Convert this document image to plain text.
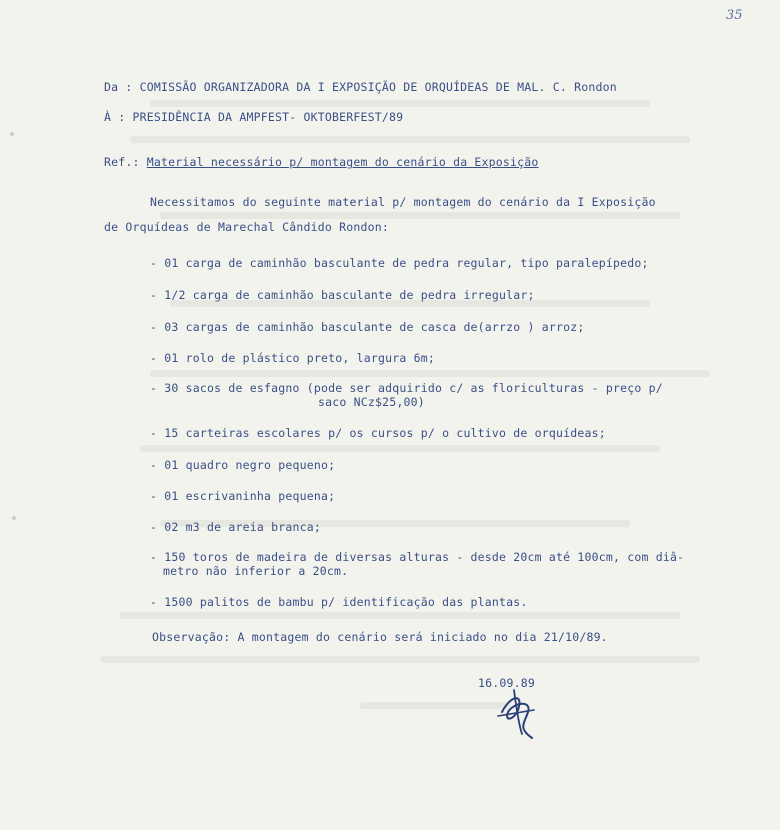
35
Da : COMISSÃO ORGANIZADORA DA I EXPOSIÇÃO DE ORQUÍDEAS DE MAL. C. Rondon
À : PRESIDÊNCIA DA AMPFEST- OKTOBERFEST/89
Ref.: Material necessário p/ montagem do cenário da Exposição
Necessitamos do seguinte material p/ montagem do cenário da I Exposição
de Orquídeas de Marechal Cândido Rondon:
- 01 carga de caminhão basculante de pedra regular, tipo paralepípedo;
- 1/2 carga de caminhão basculante de pedra irregular;
- 03 cargas de caminhão basculante de casca de(arrzo ) arroz;
- 01 rolo de plástico preto, largura 6m;
- 30 sacos de esfagno (pode ser adquirido c/ as floriculturas - preço p/
saco NCz$25,00)
- 15 carteiras escolares p/ os cursos p/ o cultivo de orquídeas;
- 01 quadro negro pequeno;
- 01 escrivaninha pequena;
- 02 m3 de areia branca;
- 150 toros de madeira de diversas alturas - desde 20cm até 100cm, com diâ-
metro não inferior a 20cm.
- 1500 palitos de bambu p/ identificação das plantas.
Observação: A montagem do cenário será iniciado no dia 21/10/89.
16.09.89
